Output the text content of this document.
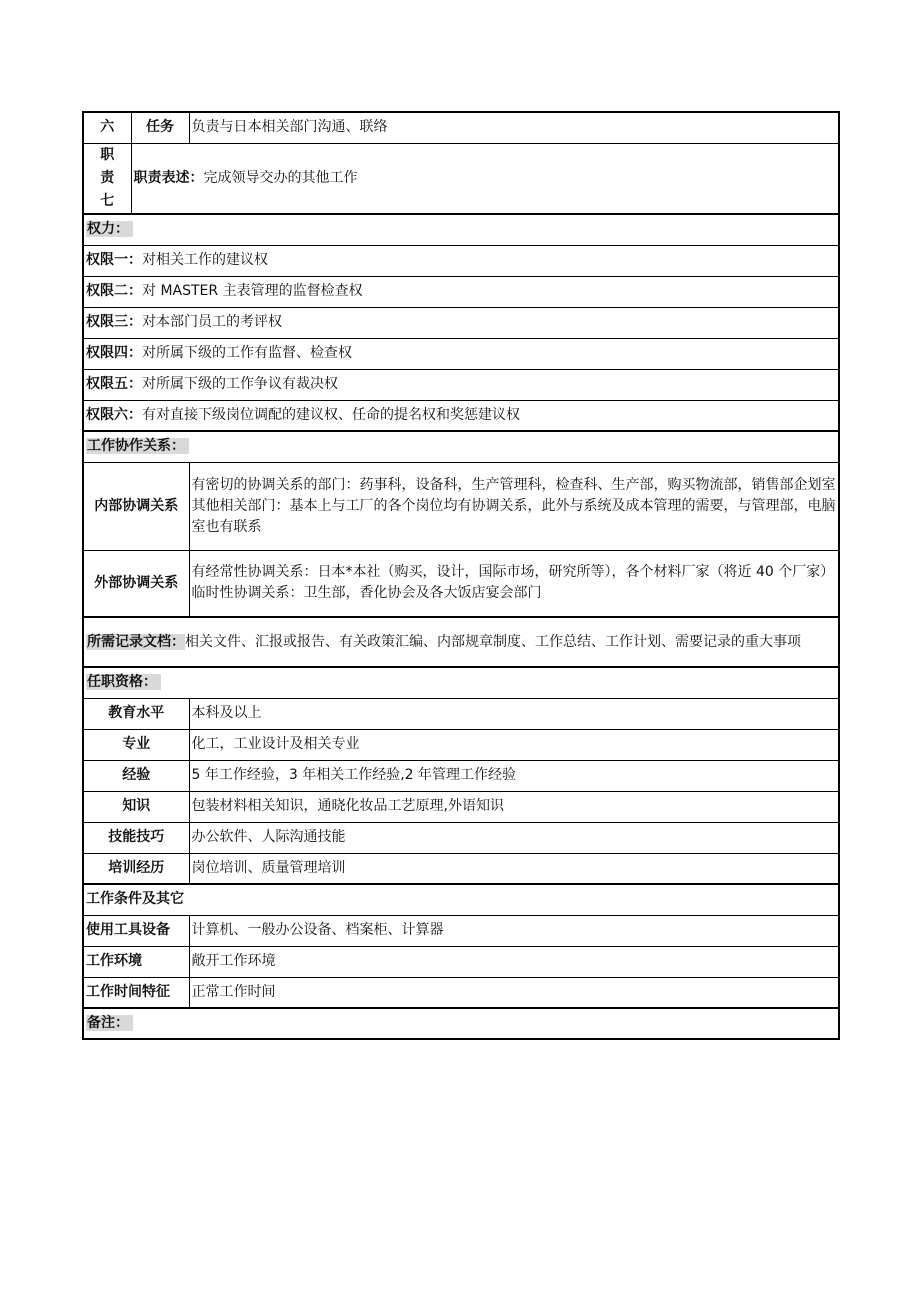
六	任务	负责与日本相关部门沟通、联络

职
责
七	职责表述：完成领导交办的其他工作	
权力：		
权限一：对相关工作的建议权		
权限二：对 MASTER 主表管理的监督检查权		
权限三：对本部门员工的考评权		
权限四：对所属下级的工作有监督、检查权		
权限五：对所属下级的工作争议有裁决权		
权限六：有对直接下级岗位调配的建议权、任命的提名权和奖惩建议权		
工作协作关系：		
内部协调关系		有密切的协调关系的部门：药事科，设备科，生产管理科，检查科、生产部，购买物流部，销售部企划室
其他相关部门：基本上与工厂的各个岗位均有协调关系，此外与系统及成本管理的需要，与管理部，电脑室也有联系

外部协调关系		有经常性协调关系：日本*本社（购买，设计，国际市场，研究所等），各个材料厂家（将近 40 个厂家）
临时性协调关系：卫生部，香化协会及各大饭店宴会部门

所需记录文档：相关文件、汇报或报告、有关政策汇编、内部规章制度、工作总结、工作计划、需要记录的重大事项		
任职资格：		
教育水平		本科及以上
专业		化工，工业设计及相关专业
经验		5 年工作经验，3 年相关工作经验,2 年管理工作经验
知识		包装材料相关知识，通晓化妆品工艺原理,外语知识
技能技巧		办公软件、人际沟通技能
培训经历		岗位培训、质量管理培训
工作条件及其它		
使用工具设备		计算机、一般办公设备、档案柜、计算器
工作环境		敞开工作环境
工作时间特征		正常工作时间
备注：		
